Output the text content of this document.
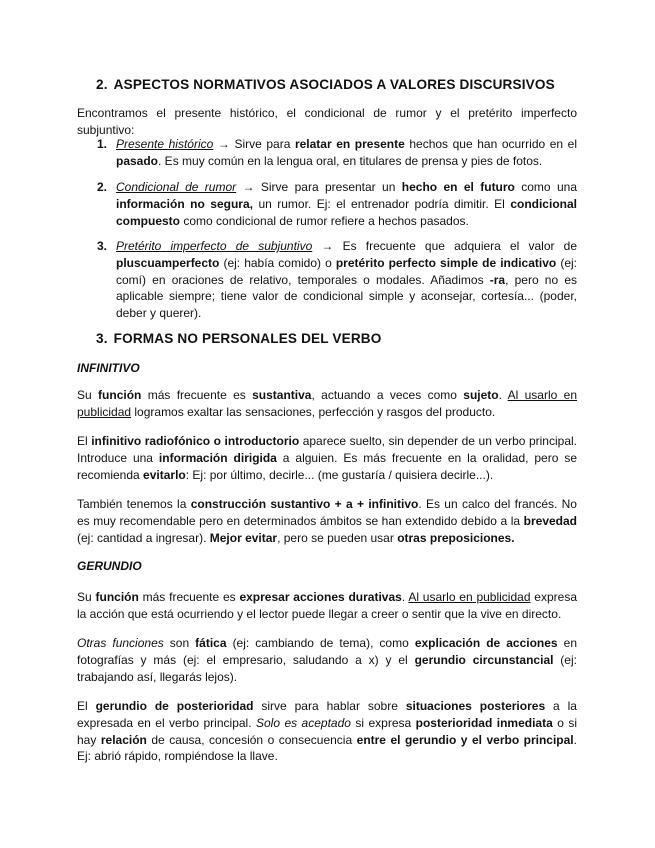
2. ASPECTOS NORMATIVOS ASOCIADOS A VALORES DISCURSIVOS

Encontramos el presente histórico, el condicional de rumor y el pretérito imperfecto subjuntivo:

1. Presente histórico → Sirve para relatar en presente hechos que han ocurrido en el pasado. Es muy común en la lengua oral, en titulares de prensa y pies de fotos.

2. Condicional de rumor → Sirve para presentar un hecho en el futuro como una información no segura, un rumor. Ej: el entrenador podría dimitir. El condicional compuesto como condicional de rumor refiere a hechos pasados.

3. Pretérito imperfecto de subjuntivo → Es frecuente que adquiera el valor de pluscuamperfecto (ej: había comido) o pretérito perfecto simple de indicativo (ej: comí) en oraciones de relativo, temporales o modales. Añadimos -ra, pero no es aplicable siempre; tiene valor de condicional simple y aconsejar, cortesía... (poder, deber y querer).

3. FORMAS NO PERSONALES DEL VERBO
INFINITIVO

Su función más frecuente es sustantiva, actuando a veces como sujeto. Al usarlo en publicidad logramos exaltar las sensaciones, perfección y rasgos del producto.

El infinitivo radiofónico o introductorio aparece suelto, sin depender de un verbo principal. Introduce una información dirigida a alguien. Es más frecuente en la oralidad, pero se recomienda evitarlo: Ej: por último, decirle... (me gustaría / quisiera decirle...).

También tenemos la construcción sustantivo + a + infinitivo. Es un calco del francés. No es muy recomendable pero en determinados ámbitos se han extendido debido a la brevedad (ej: cantidad a ingresar). Mejor evitar, pero se pueden usar otras preposiciones.

GERUNDIO

Su función más frecuente es expresar acciones durativas. Al usarlo en publicidad expresa la acción que está ocurriendo y el lector puede llegar a creer o sentir que la vive en directo.

Otras funciones son fática (ej: cambiando de tema), como explicación de acciones en fotografías y más (ej: el empresario, saludando a x) y el gerundio circunstancial (ej: trabajando así, llegarás lejos).

El gerundio de posterioridad sirve para hablar sobre situaciones posteriores a la expresada en el verbo principal. Solo es aceptado si expresa posterioridad inmediata o si hay relación de causa, concesión o consecuencia entre el gerundio y el verbo principal. Ej: abrió rápido, rompiéndose la llave.
